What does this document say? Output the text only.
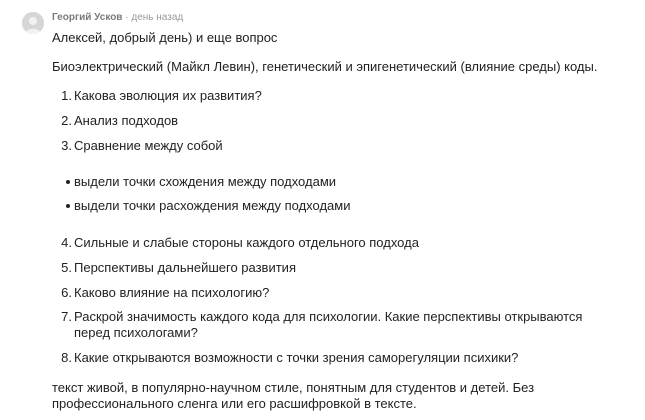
Георгий Усков · день назад
Алексей, добрый день) и еще вопрос
Биоэлектрический (Майкл Левин), генетический и эпигенетический (влияние среды) коды.
1. Какова эволюция их развития?
2. Анализ подходов
3. Сравнение между собой
выдели точки схождения между подходами
выдели точки расхождения между подходами
4. Сильные и слабые стороны каждого отдельного подхода
5. Перспективы дальнейшего развития
6. Каково влияние на психологию?
7. Раскрой значимость каждого кода для психологии. Какие перспективы открываются перед психологами?
8. Какие открываются возможности с точки зрения саморегуляции психики?
текст живой, в популярно-научном стиле, понятным для студентов и детей. Без профессионального сленга или его расшифровкой в тексте.
